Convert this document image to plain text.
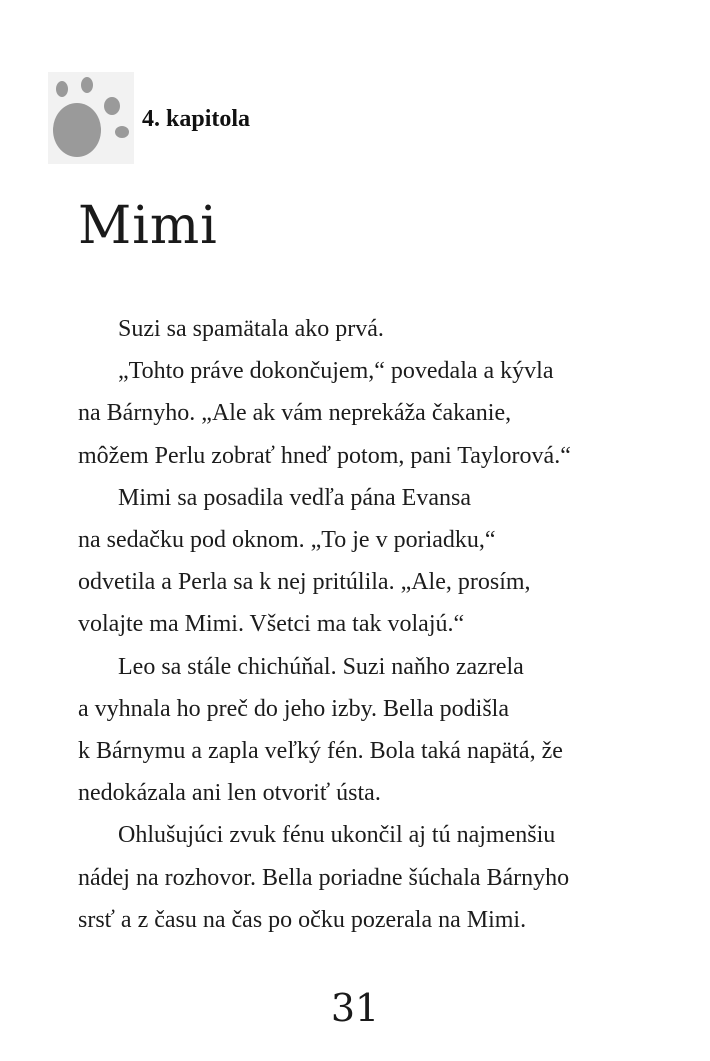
4. kapitola
Mimi
Suzi sa spamätala ako prvá.
„Tohto práve dokončujem,“ povedala a kývla
na Bárnyho. „Ale ak vám neprekáža čakanie,
môžem Perlu zobrať hneď potom, pani Taylorová.“
Mimi sa posadila vedľa pána Evansa
na sedačku pod oknom. „To je v poriadku,“
odvetila a Perla sa k nej pritúlila. „Ale, prosím,
volajte ma Mimi. Všetci ma tak volajú.“
Leo sa stále chichúňal. Suzi naňho zazrela
a vyhnala ho preč do jeho izby. Bella podišla
k Bárnymu a zapla veľký fén. Bola taká napätá, že
nedokázala ani len otvoriť ústa.
Ohlušujúci zvuk fénu ukončil aj tú najmenšiu
nádej na rozhovor. Bella poriadne šúchala Bárnyho
srsť a z času na čas po očku pozerala na Mimi.
31
